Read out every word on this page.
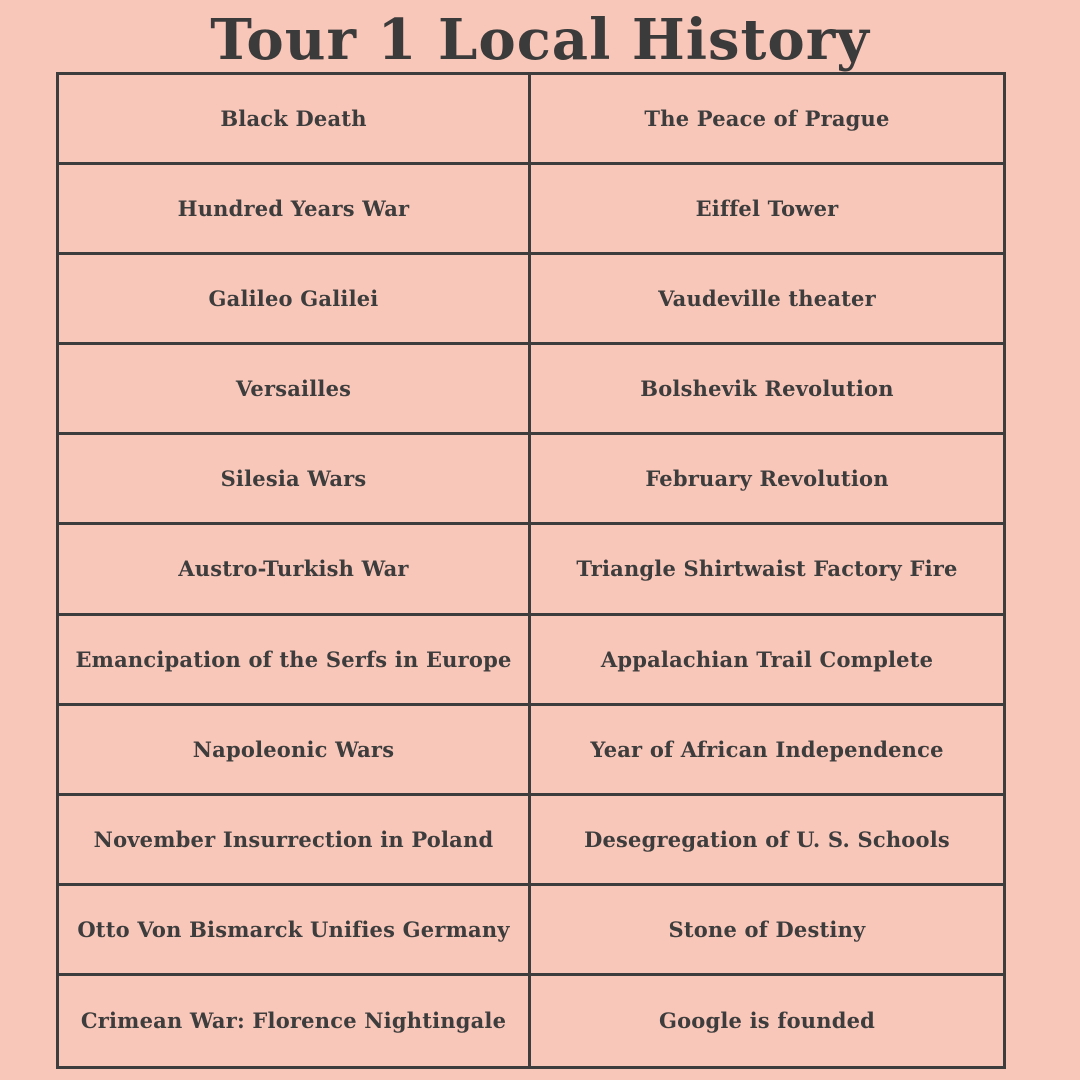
Tour 1 Local History
Black Death	The Peace of Prague
Hundred Years War	Eiffel Tower
Galileo Galilei	Vaudeville theater
Versailles	Bolshevik Revolution
Silesia Wars	February Revolution
Austro-Turkish War	Triangle Shirtwaist Factory Fire
Emancipation of the Serfs in Europe	Appalachian Trail Complete
Napoleonic Wars	Year of African Independence
November Insurrection in Poland	Desegregation of U. S. Schools
Otto Von Bismarck Unifies Germany	Stone of Destiny
Crimean War: Florence Nightingale	Google is founded
